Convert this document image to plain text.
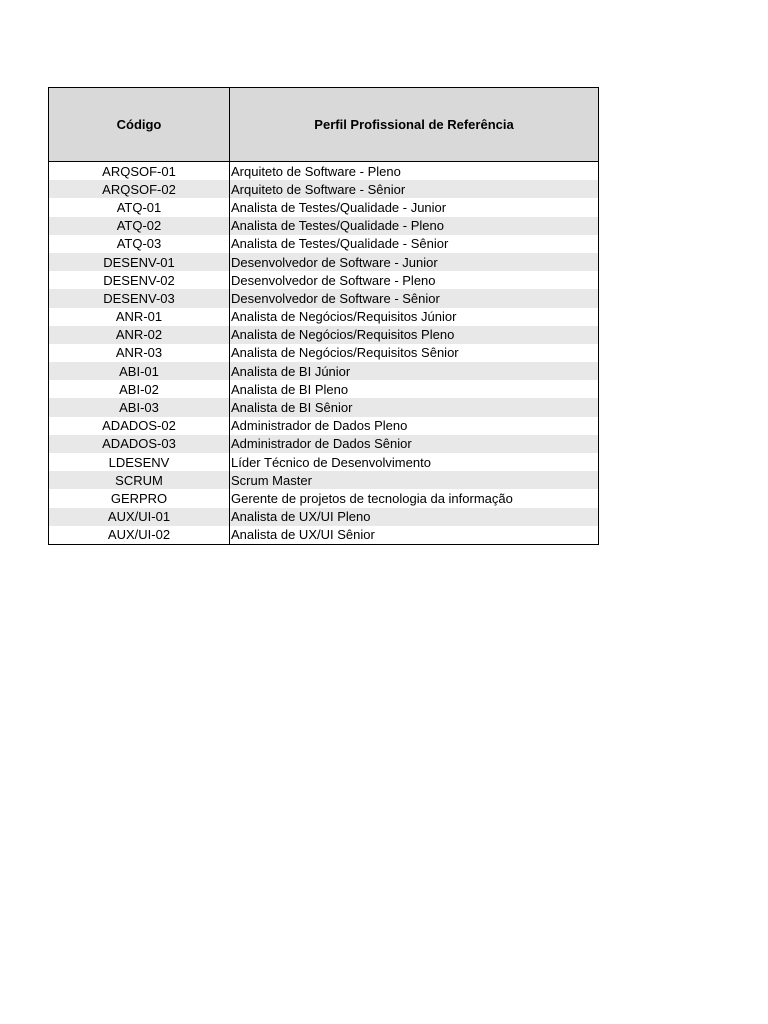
Código	Perfil Profissional de Referência
ARQSOF-01	Arquiteto de Software - Pleno
ARQSOF-02	Arquiteto de Software - Sênior
ATQ-01	Analista de Testes/Qualidade - Junior
ATQ-02	Analista de Testes/Qualidade - Pleno
ATQ-03	Analista de Testes/Qualidade - Sênior
DESENV-01	Desenvolvedor de Software - Junior
DESENV-02	Desenvolvedor de Software - Pleno
DESENV-03	Desenvolvedor de Software - Sênior
ANR-01	Analista de Negócios/Requisitos Júnior
ANR-02	Analista de Negócios/Requisitos Pleno
ANR-03	Analista de Negócios/Requisitos Sênior
ABI-01	Analista de BI Júnior
ABI-02	Analista de BI Pleno
ABI-03	Analista de BI Sênior
ADADOS-02	Administrador de Dados Pleno
ADADOS-03	Administrador de Dados Sênior
LDESENV	Líder Técnico de Desenvolvimento
SCRUM	Scrum Master
GERPRO	Gerente de projetos de tecnologia da informação
AUX/UI-01	Analista de UX/UI Pleno
AUX/UI-02	Analista de UX/UI Sênior
